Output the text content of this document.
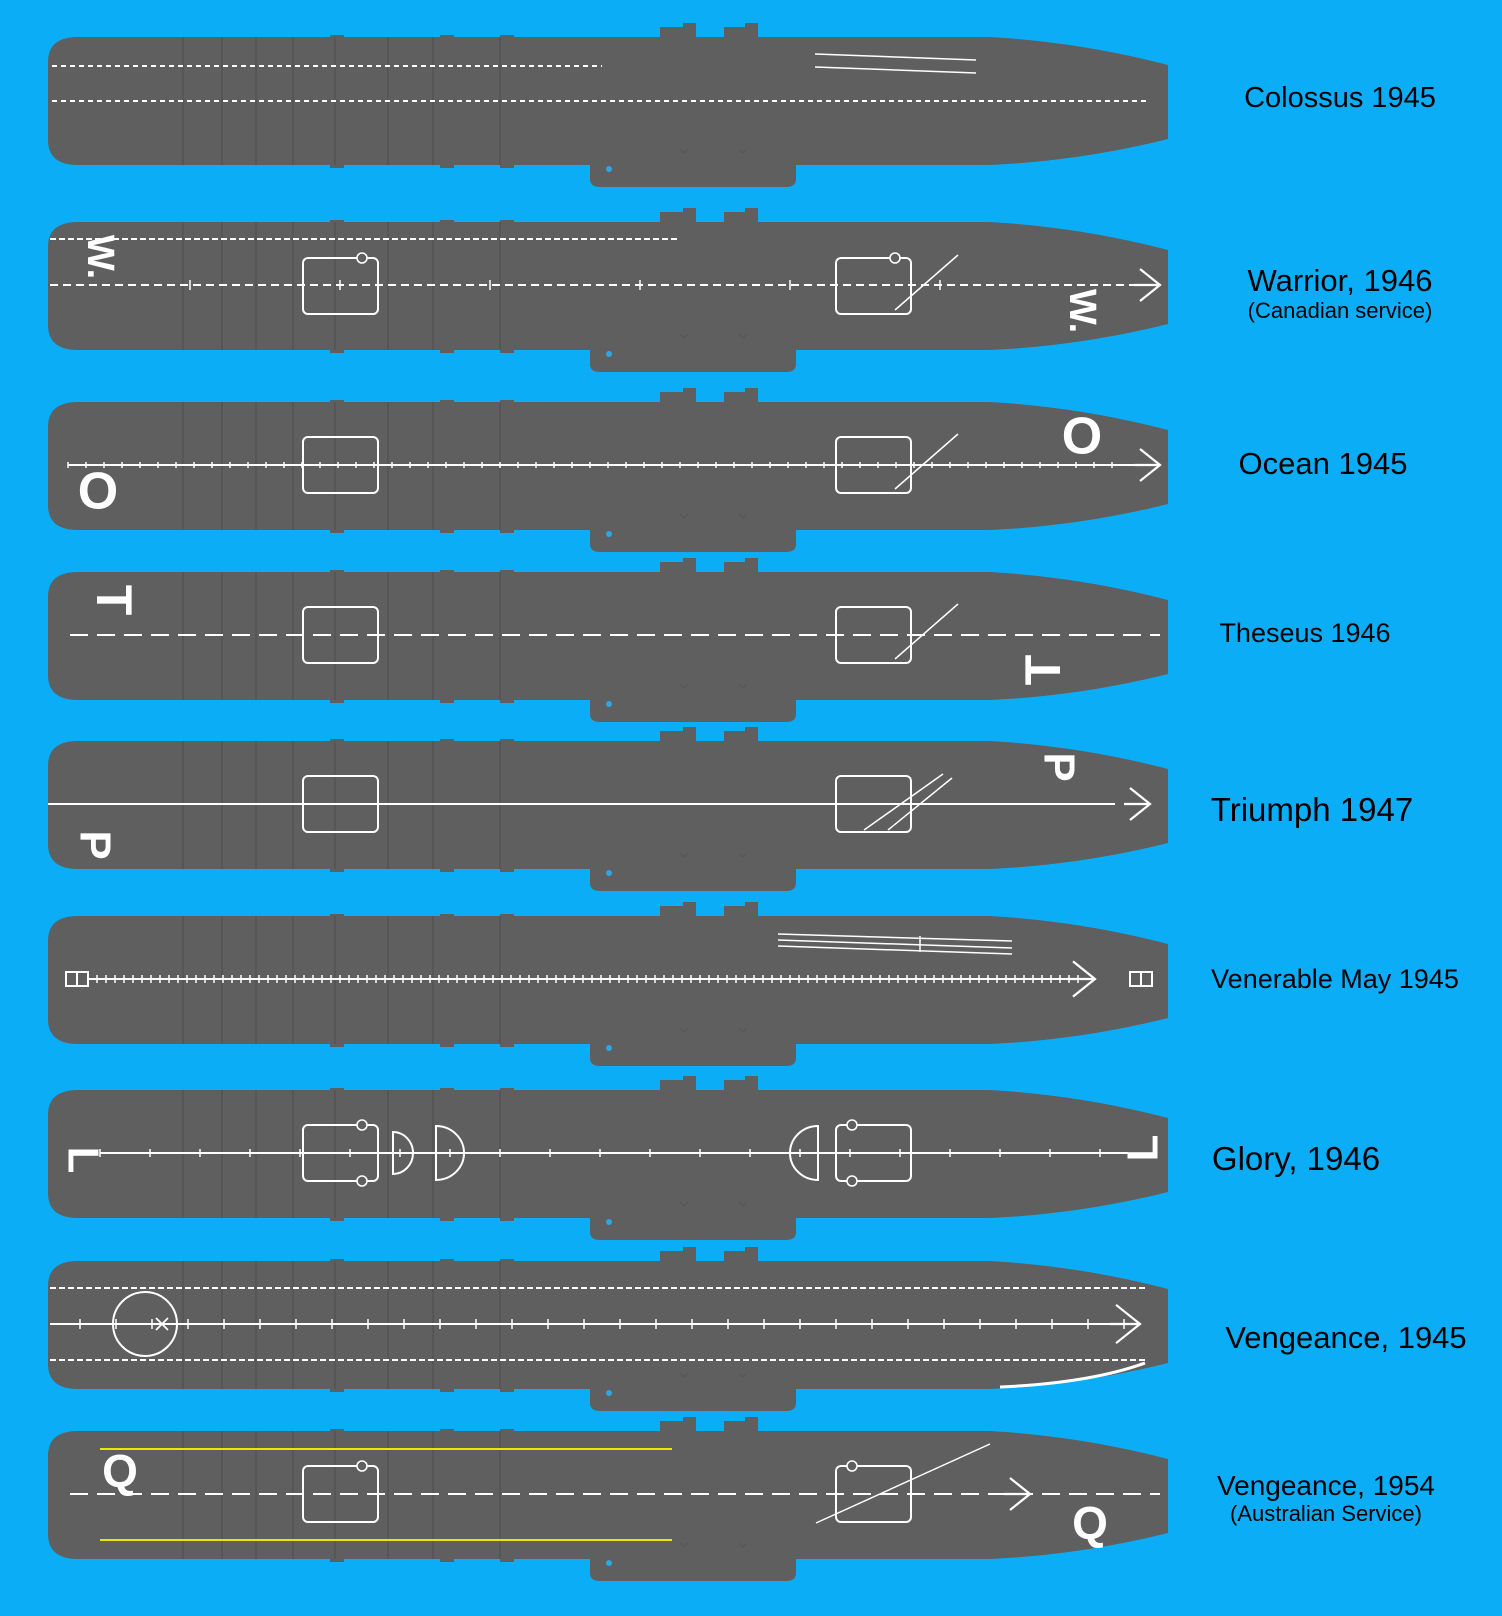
W.
W.
O
O
T
T
P
P
L	L
Q
Q
Colossus 1945
Warrior, 1946
(Canadian service)
Ocean 1945
Theseus 1946
Triumph 1947
Venerable May 1945
Glory, 1946
Vengeance, 1945
Vengeance, 1954
(Australian Service)
